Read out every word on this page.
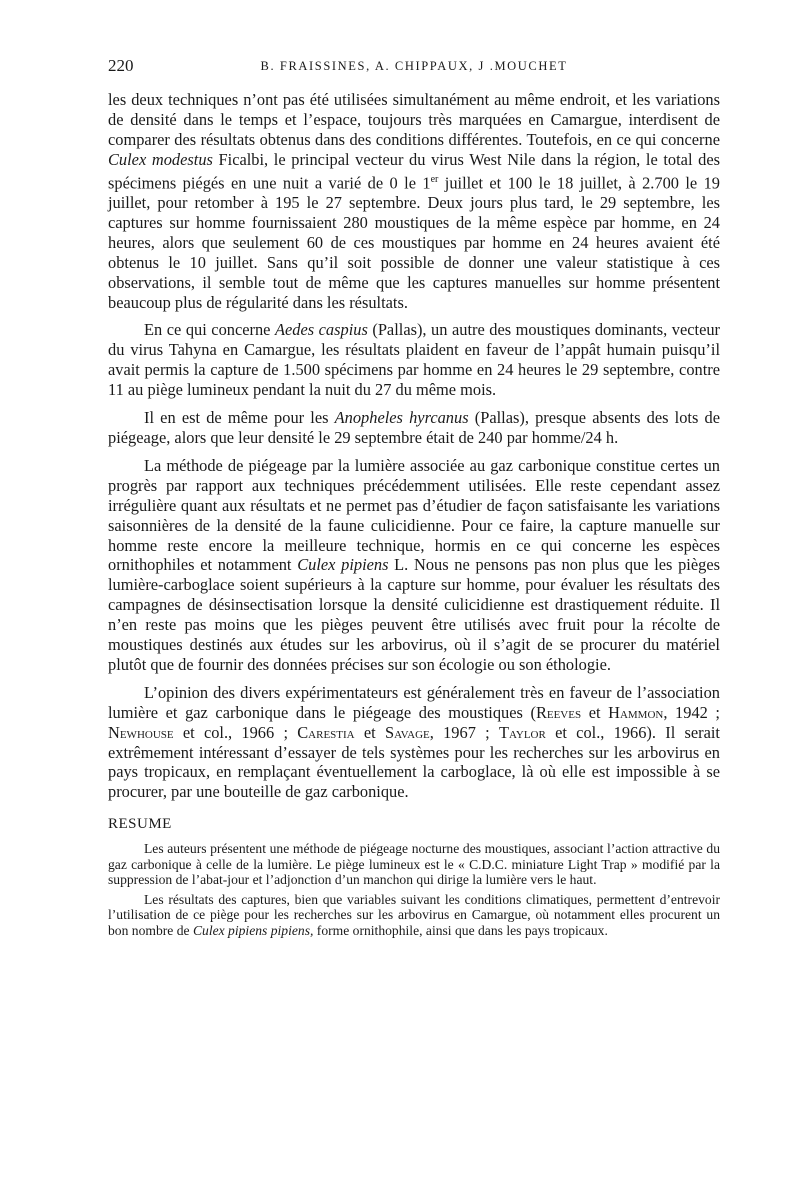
220	B. FRAISSINES, A. CHIPPAUX, J .MOUCHET

les deux techniques n’ont pas été utilisées simultanément au même endroit, et les variations de densité dans le temps et l’espace, toujours très marquées en Camargue, interdisent de comparer des résultats obtenus dans des conditions différentes. Toutefois, en ce qui concerne Culex modestus Ficalbi, le principal vecteur du virus West Nile dans la région, le total des spécimens piégés en une nuit a varié de 0 le 1er juillet et 100 le 18 juillet, à 2.700 le 19 juillet, pour retomber à 195 le 27 septembre. Deux jours plus tard, le 29 septembre, les captures sur homme fournissaient 280 moustiques de la même espèce par homme, en 24 heures, alors que seulement 60 de ces moustiques par homme en 24 heures avaient été obtenus le 10 juillet. Sans qu’il soit possible de donner une valeur statistique à ces observations, il semble tout de même que les captures manuelles sur homme présentent beaucoup plus de régularité dans les résultats.

En ce qui concerne Aedes caspius (Pallas), un autre des moustiques dominants, vecteur du virus Tahyna en Camargue, les résultats plaident en faveur de l’appât humain puisqu’il avait permis la capture de 1.500 spécimens par homme en 24 heures le 29 septembre, contre 11 au piège lumineux pendant la nuit du 27 du même mois.

Il en est de même pour les Anopheles hyrcanus (Pallas), presque absents des lots de piégeage, alors que leur densité le 29 septembre était de 240 par homme/24 h.

La méthode de piégeage par la lumière associée au gaz carbonique constitue certes un progrès par rapport aux techniques précédemment utilisées. Elle reste cependant assez irrégulière quant aux résultats et ne permet pas d’étudier de façon satisfaisante les variations saisonnières de la densité de la faune culicidienne. Pour ce faire, la capture manuelle sur homme reste encore la meilleure technique, hormis en ce qui concerne les espèces ornithophiles et notamment Culex pipiens L. Nous ne pensons pas non plus que les pièges lumière-carboglace soient supérieurs à la capture sur homme, pour évaluer les résultats des campagnes de désinsectisation lorsque la densité culicidienne est drastiquement réduite. Il n’en reste pas moins que les pièges peuvent être utilisés avec fruit pour la récolte de moustiques destinés aux études sur les arbovirus, où il s’agit de se procurer du matériel plutôt que de fournir des données précises sur son écologie ou son éthologie.

L’opinion des divers expérimentateurs est généralement très en faveur de l’association lumière et gaz carbonique dans le piégeage des moustiques (Reeves et Hammon, 1942 ; Newhouse et col., 1966 ; Carestia et Savage, 1967 ; Taylor et col., 1966). Il serait extrêmement intéressant d’essayer de tels systèmes pour les recherches sur les arbovirus en pays tropicaux, en remplaçant éventuellement la carboglace, là où elle est impossible à se procurer, par une bouteille de gaz carbonique.

RESUME

Les auteurs présentent une méthode de piégeage nocturne des moustiques, associant l’action attractive du gaz carbonique à celle de la lumière. Le piège lumineux est le « C.D.C. miniature Light Trap » modifié par la suppression de l’abat-jour et l’adjonction d’un manchon qui dirige la lumière vers le haut.

Les résultats des captures, bien que variables suivant les conditions climatiques, permettent d’entrevoir l’utilisation de ce piège pour les recherches sur les arbovirus en Camargue, où notamment elles procurent un bon nombre de Culex pipiens pipiens, forme ornithophile, ainsi que dans les pays tropicaux.
